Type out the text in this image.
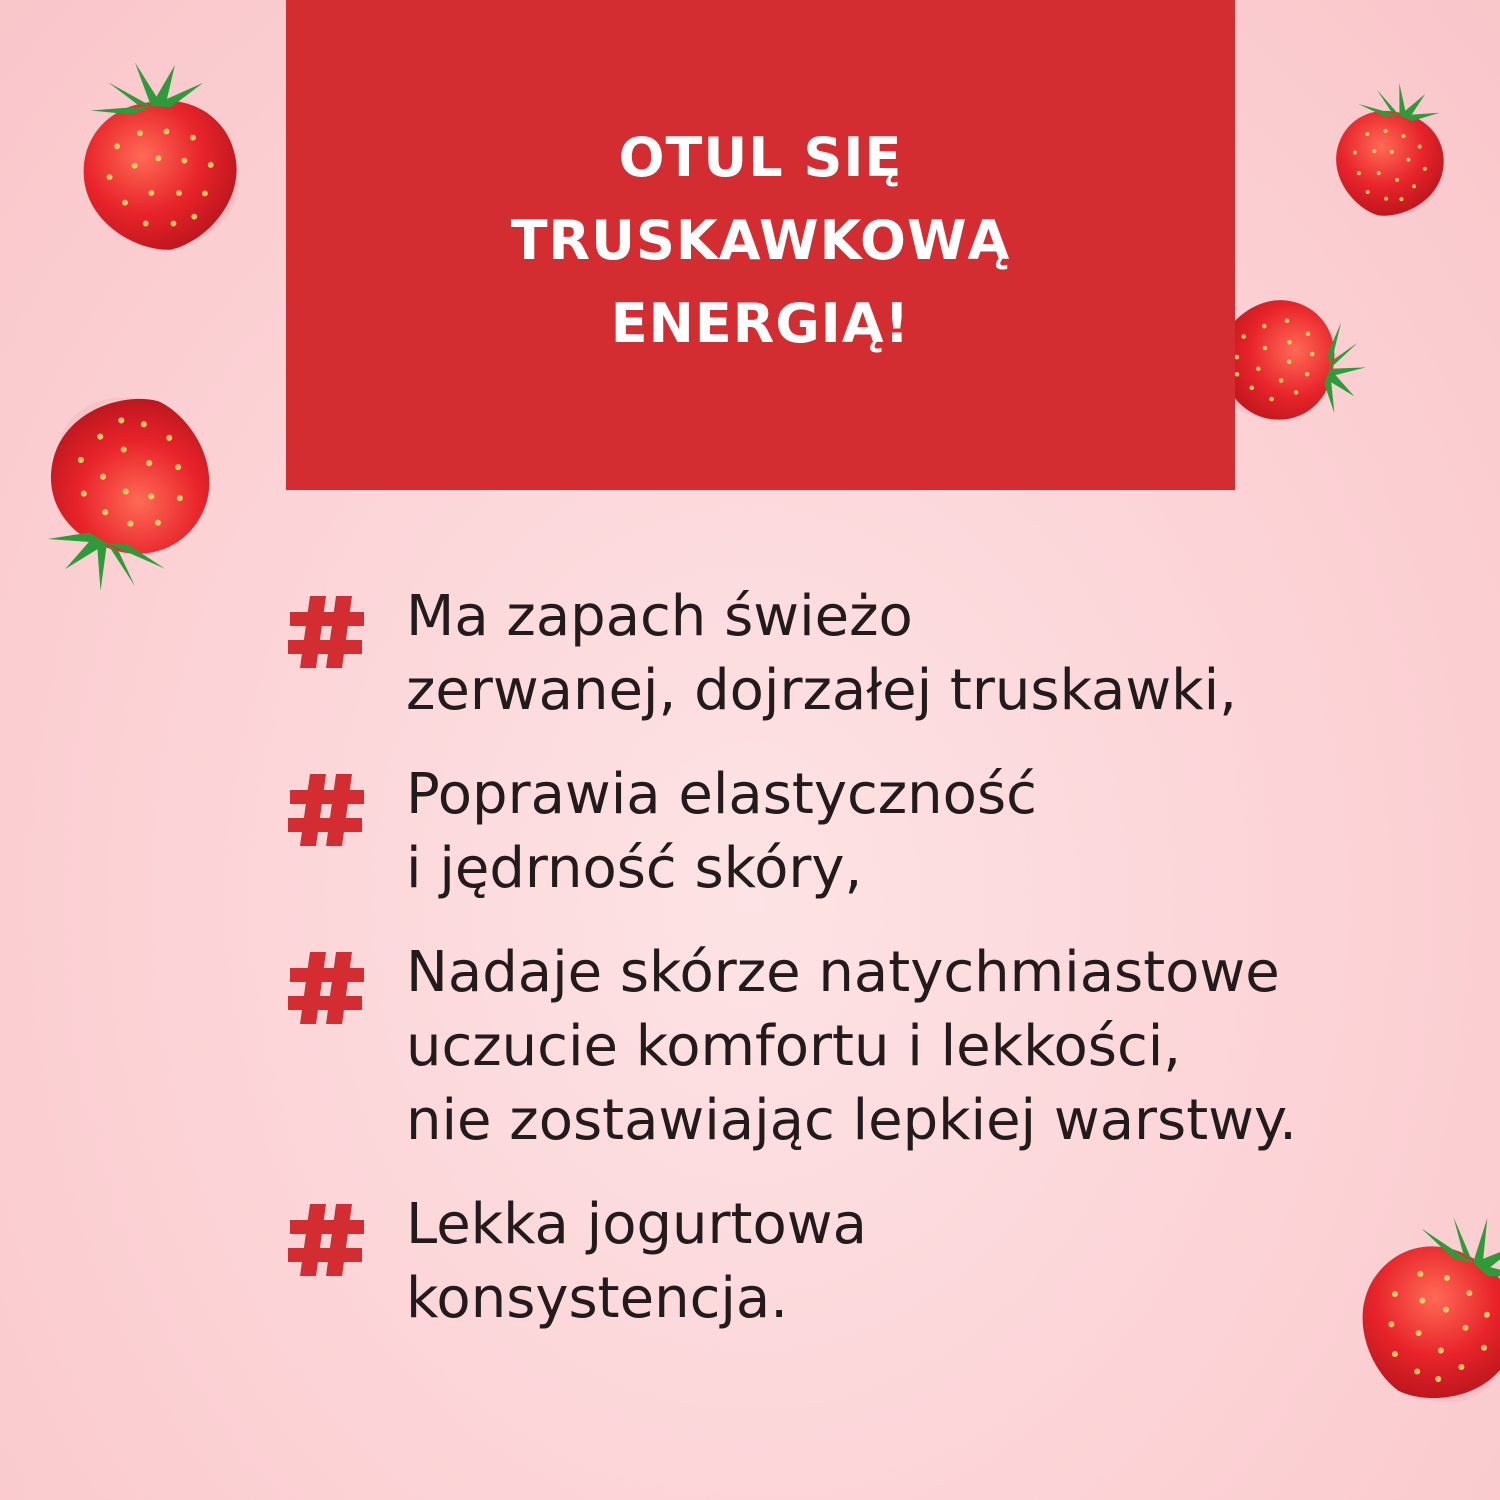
OTUL SIĘ
TRUSKAWKOWĄ
ENERGIĄ!
Ma zapach świeżo
zerwanej, dojrzałej truskawki,
Poprawia elastyczność
i jędrność skóry,
Nadaje skórze natychmiastowe
uczucie komfortu i lekkości,
nie zostawiając lepkiej warstwy.
Lekka jogurtowa
konsystencja.
